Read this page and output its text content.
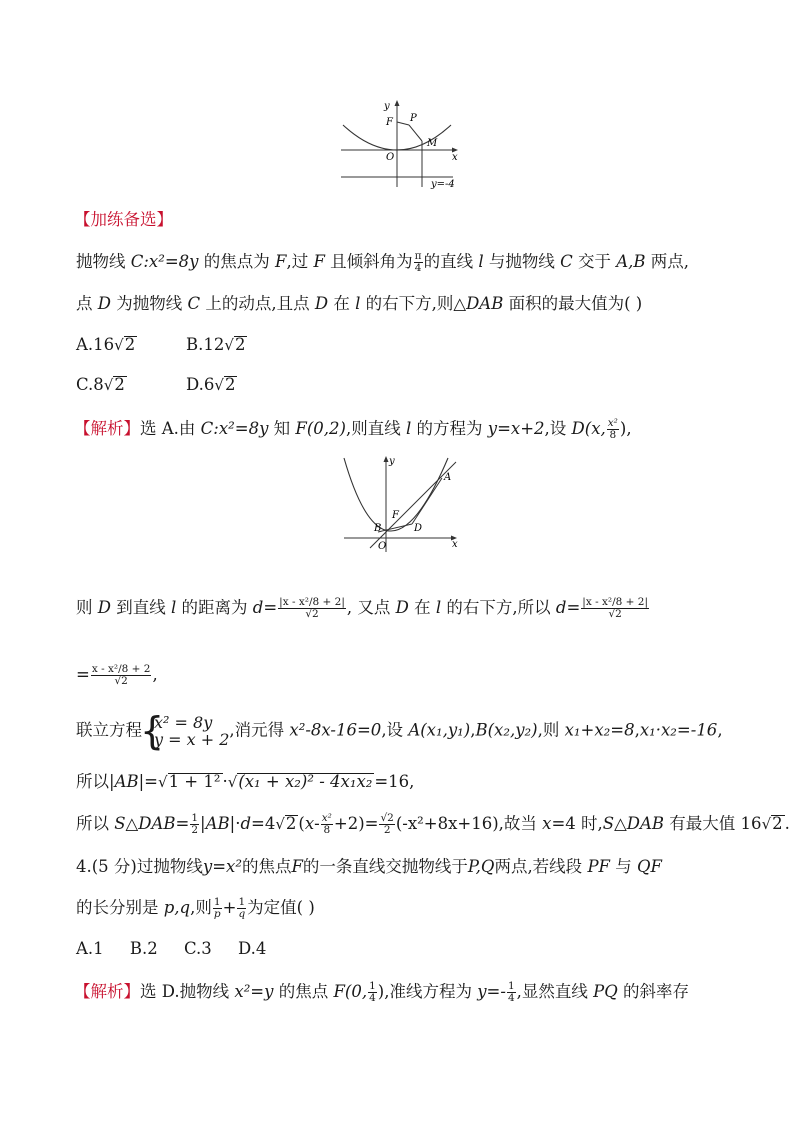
y
F P
M
O	x
y=-4
【加练备选】
抛物线 C:x²=8y 的焦点为 F,过 F 且倾斜角为 $\frac{\pi}{4}$ 的直线 l 与抛物线 C 交于 A,B 两点,
点 D 为抛物线 C 上的动点,且点 D 在 l 的右下方,则△DAB 面积的最大值为( )
A.16√2	B.12√2
C.8√2	D.6√2
【解析】选 A.由 C:x²=8y 知 F(0,2),则直线 l 的方程为 y=x+2,设 D(x, $\frac{\text{x²}}{8}$ ),
y
A
F
B	D
O	x
则 D 到直线 l 的距离为 $d= \frac{\text{|x - x²/8 + 2|}}{√2}$ , 又点 D 在 l 的右下方,所以 $d= \frac{\text{|x - x²/8 + 2|}}{√2}$
= $\frac{\text{x - x²/8 + 2}}{√2}$ ,
联立方程
{
x² = 8y
y = x + 2 ,消元得 x²-8x-16=0,设 A(x₁,y₁),B(x₂,y₂),则 x₁+x₂=8,x₁·x₂=-16,
所以|AB|=√1 + 1² ·√(x₁ + x₂)² - 4x₁x₂ =16,
所以 S△DAB= $\frac{1}{2} |AB|\cdot d=4√2$ $(x- \frac{\text{x²}}{8} +2)= \frac{√2}{2} (-x^2+8x+16)$,故当 x=4 时,S△DAB 有最大值 16√2 .
4.(5 分)过抛物线y=x²的焦点F的一条直线交抛物线于P,Q两点,若线段 PF 与 QF
的长分别是 p,q,则 $\frac{1}{p} + \frac{1}{q}$ 为定值( )
A.1     B.2     C.3     D.4
【解析】选 D.抛物线 x²=y 的焦点 F(0, $\frac{1}{4}$ ),准线方程为 $y=- \frac{1}{4}$ ,显然直线 PQ 的斜率存
